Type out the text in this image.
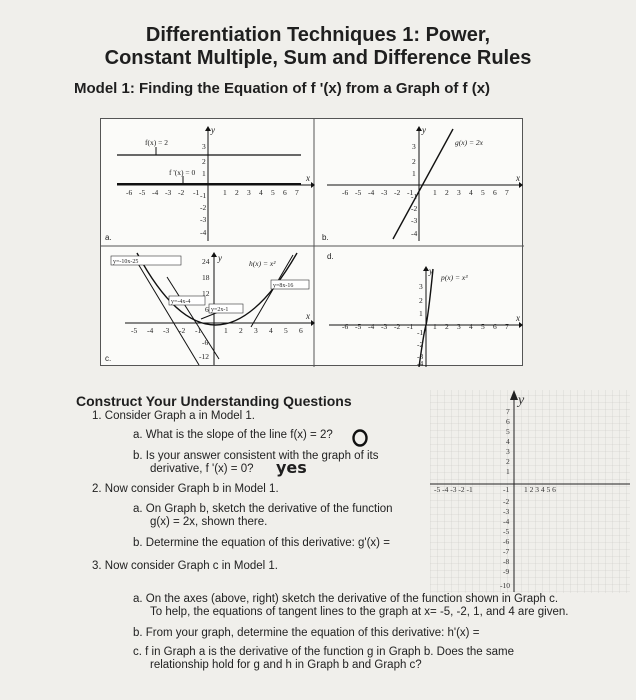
Differentiation Techniques 1: Power,
Constant Multiple, Sum and Difference Rules
Model 1: Finding the Equation of f '(x) from a Graph of f (x)
f(x) = 2
f '(x) = 0
y
x
-6 -5 -4 -3 -2 -1	1 2 3 4 5 6 7
3
2
1
-1
-2
-3
-4
a.
g(x) = 2x
y
x
-6 -5 -4 -3 -2 -1	1 2 3 4 5 6 7
3
2
1
-1
-2
-3
-4
b.
y=-10x-25	h(x) = x²
y=8x-16
y=-4x-4
y=2x-1
y
x
-5 -4 -3 -2 -1	1 2 3 4 5 6
24
18
12
6
-6
-12
c.
p(x) = x³
y
x
-6 -5 -4 -3 -2 -1	1 2 3 4 5 6 7
3
2
1
-1
-2
-3
-4
d.
Construct Your Understanding Questions
1. Consider Graph a in Model 1.
a. What is the slope of the line f(x) = 2?
b. Is your answer consistent with the graph of its
derivative, f '(x) = 0? yes
2. Now consider Graph b in Model 1.
a. On Graph b, sketch the derivative of the function
g(x) = 2x, shown there.
b. Determine the equation of this derivative: g'(x) =
3. Now consider Graph c in Model 1.
a. On the axes (above, right) sketch the derivative of the function shown in Graph c.
To help, the equations of tangent lines to the graph at x= -5, -2, 1, and 4 are given.
b. From your graph, determine the equation of this derivative: h'(x) =
c. f in Graph a is the derivative of the function g in Graph b. Does the same
relationship hold for g and h in Graph b and Graph c?
y
7
6
5
4
3
2
1
-2
-3
-4
-5
-6
-7
-8
-9
-10
-5 -4 -3 -2 -1	-1 1 2 3 4 5 6
